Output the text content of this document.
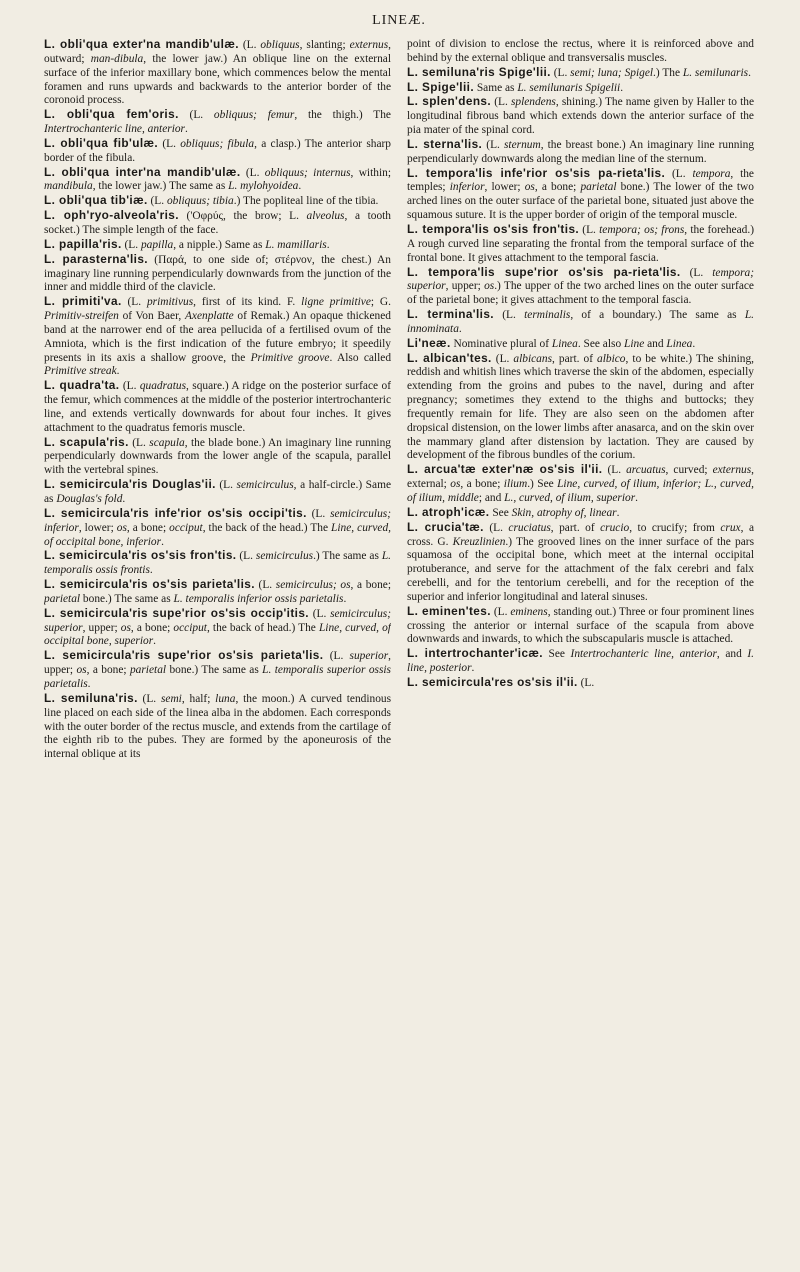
LINEÆ.

L. obli'qua exter'na mandib'ulæ. (L. obliquus, slanting; externus, outward; man-dibula, the lower jaw.) An oblique line on the external surface of the inferior maxillary bone, which commences below the mental foramen and runs upwards and backwards to the anterior border of the coronoid process.

L. obli'qua fem'oris. (L. obliquus; femur, the thigh.) The Intertrochanteric line, anterior.

L. obli'qua fib'ulæ. (L. obliquus; fibula, a clasp.) The anterior sharp border of the fibula.

L. obli'qua inter'na mandib'ulæ. (L. obliquus; internus, within; mandibula, the lower jaw.) The same as L. mylohyoidea.

L. obli'qua tib'iæ. (L. obliquus; tibia.) The popliteal line of the tibia.

L. oph'ryo-alveola'ris. ('Oφρύς, the brow; L. alveolus, a tooth socket.) The simple length of the face.

L. papilla'ris. (L. papilla, a nipple.) Same as L. mamillaris.

L. parasterna'lis. (Παρά, to one side of; στέρνον, the chest.) An imaginary line running perpendicularly downwards from the junction of the inner and middle third of the clavicle.

L. primiti'va. (L. primitivus, first of its kind. F. ligne primitive; G. Primitiv-streifen of Von Baer, Axenplatte of Remak.) An opaque thickened band at the narrower end of the area pellucida of a fertilised ovum of the Amniota, which is the first indication of the future embryo; it speedily presents in its axis a shallow groove, the Primitive groove. Also called Primitive streak.

L. quadra'ta. (L. quadratus, square.) A ridge on the posterior surface of the femur, which commences at the middle of the posterior intertrochanteric line, and extends vertically downwards for about four inches. It gives attachment to the quadratus femoris muscle.

L. scapula'ris. (L. scapula, the blade bone.) An imaginary line running perpendicularly downwards from the lower angle of the scapula, parallel with the vertebral spines.

L. semicircula'ris Douglas'ii. (L. semicirculus, a half-circle.) Same as Douglas's fold.

L. semicircula'ris infe'rior os'sis occipi'tis. (L. semicirculus; inferior, lower; os, a bone; occiput, the back of the head.) The Line, curved, of occipital bone, inferior.

L. semicircula'ris os'sis fron'tis. (L. semicirculus.) The same as L. temporalis ossis frontis.

L. semicircula'ris os'sis parieta'lis. (L. semicirculus; os, a bone; parietal bone.) The same as L. temporalis inferior ossis parietalis.

L. semicircula'ris supe'rior os'sis occip'itis. (L. semicirculus; superior, upper; os, a bone; occiput, the back of head.) The Line, curved, of occipital bone, superior.

L. semicircula'ris supe'rior os'sis parieta'lis. (L. superior, upper; os, a bone; parietal bone.) The same as L. temporalis superior ossis parietalis.

L. semiluna'ris. (L. semi, half; luna, the moon.) A curved tendinous line placed on each side of the linea alba in the abdomen. Each corresponds with the outer border of the rectus muscle, and extends from the cartilage of the eighth rib to the pubes. They are formed by the aponeurosis of the internal oblique at its

point of division to enclose the rectus, where it is reinforced above and behind by the external oblique and transversalis muscles.

L. semiluna'ris Spige'lii. (L. semi; luna; Spigel.) The L. semilunaris.

L. Spige'lii. Same as L. semilunaris Spigelii.

L. splen'dens. (L. splendens, shining.) The name given by Haller to the longitudinal fibrous band which extends down the anterior surface of the pia mater of the spinal cord.

L. sterna'lis. (L. sternum, the breast bone.) An imaginary line running perpendicularly downwards along the median line of the sternum.

L. tempora'lis infe'rior os'sis pa-rieta'lis. (L. tempora, the temples; inferior, lower; os, a bone; parietal bone.) The lower of the two arched lines on the outer surface of the parietal bone, situated just above the squamous suture. It is the upper border of origin of the temporal muscle.

L. tempora'lis os'sis fron'tis. (L. tempora; os; frons, the forehead.) A rough curved line separating the frontal from the temporal surface of the frontal bone. It gives attachment to the temporal fascia.

L. tempora'lis supe'rior os'sis pa-rieta'lis. (L. tempora; superior, upper; os.) The upper of the two arched lines on the outer surface of the parietal bone; it gives attachment to the temporal fascia.

L. termina'lis. (L. terminalis, of a boundary.) The same as L. innominata.

Li'neæ. Nominative plural of Linea. See also Line and Linea.

L. albican'tes. (L. albicans, part. of albico, to be white.) The shining, reddish and whitish lines which traverse the skin of the abdomen, especially extending from the groins and pubes to the navel, during and after pregnancy; sometimes they extend to the thighs and buttocks; they frequently remain for life. They are also seen on the abdomen after dropsical distension, on the lower limbs after anasarca, and on the skin over the mammary gland after distension by lactation. They are caused by development of the fibrous bundles of the corium.

L. arcua'tæ exter'næ os'sis il'ii. (L. arcuatus, curved; externus, external; os, a bone; ilium.) See Line, curved, of ilium, inferior; L., curved, of ilium, middle; and L., curved, of ilium, superior.

L. atroph'icæ. See Skin, atrophy of, linear.

L. crucia'tæ. (L. cruciatus, part. of crucio, to crucify; from crux, a cross. G. Kreuzlinien.) The grooved lines on the inner surface of the pars squamosa of the occipital bone, which meet at the internal occipital protuberance, and serve for the attachment of the falx cerebri and falx cerebelli, and for the tentorium cerebelli, and for the reception of the superior and inferior longitudinal and lateral sinuses.

L. eminen'tes. (L. eminens, standing out.) Three or four prominent lines crossing the anterior or internal surface of the scapula from above downwards and inwards, to which the subscapularis muscle is attached.

L. intertrochanter'icæ. See Intertrochanteric line, anterior, and I. line, posterior.

L. semicircula'res os'sis il'ii. (L.
